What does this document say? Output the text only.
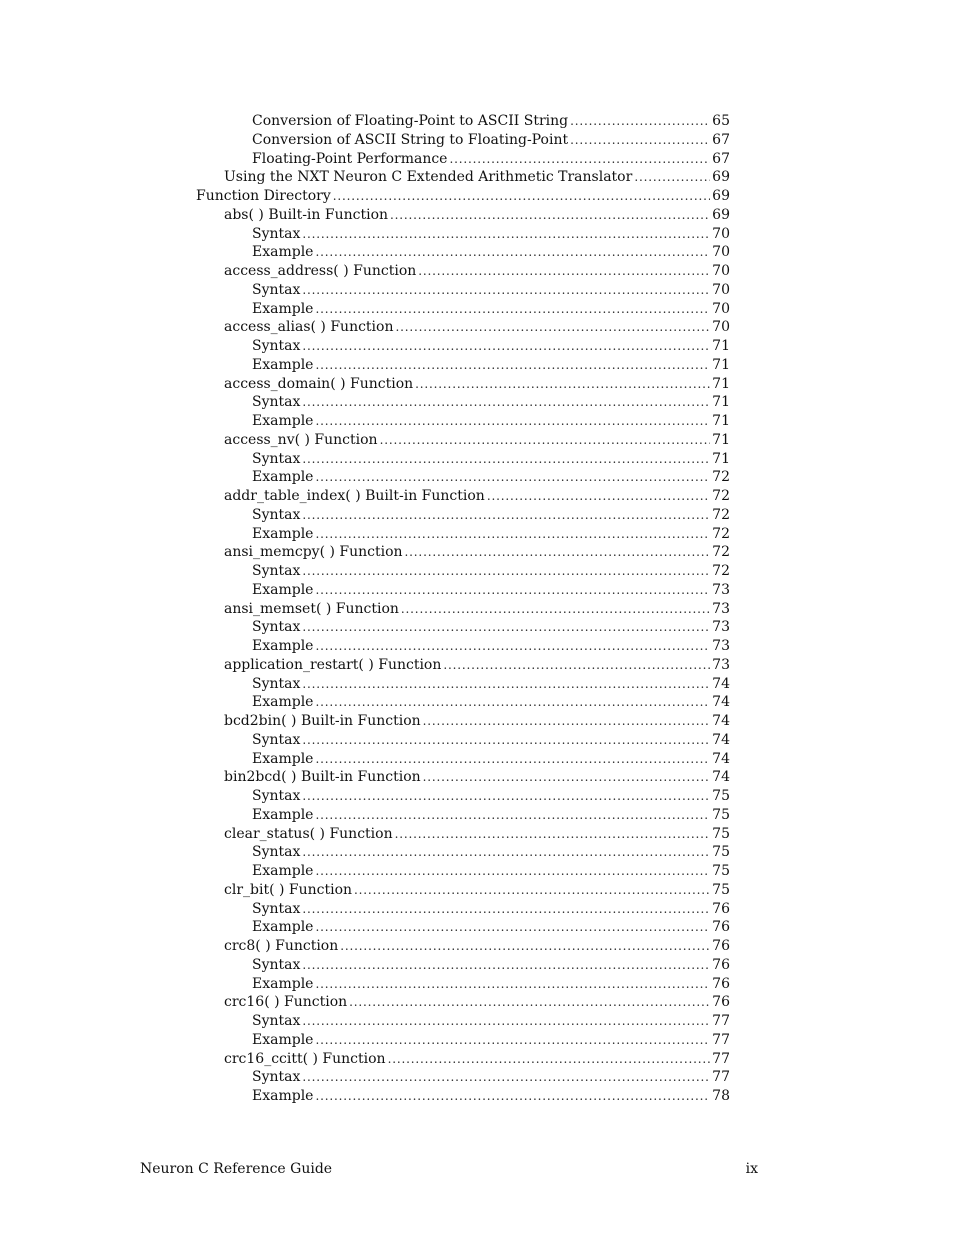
Conversion of Floating-Point to ASCII String . . .	65
Conversion of ASCII String to Floating-Point . . .	67
Floating-Point Performance . . .	67
Using the NXT Neuron C Extended Arithmetic Translator . . .	69
Function Directory . . .	69
abs( ) Built-in Function . . .	69
Syntax . . .	70
Example . . .	70
access_address( ) Function . . .	70
Syntax . . .	70
Example . . .	70
access_alias( ) Function . . .	70
Syntax . . .	71
Example . . .	71
access_domain( ) Function . . .	71
Syntax . . .	71
Example . . .	71
access_nv( ) Function . . .	71
Syntax . . .	71
Example . . .	72
addr_table_index( ) Built-in Function . . .	72
Syntax . . .	72
Example . . .	72
ansi_memcpy( ) Function . . .	72
Syntax . . .	72
Example . . .	73
ansi_memset( ) Function . . .	73
Syntax . . .	73
Example . . .	73
application_restart( ) Function . . .	73
Syntax . . .	74
Example . . .	74
bcd2bin( ) Built-in Function . . .	74
Syntax . . .	74
Example . . .	74
bin2bcd( ) Built-in Function . . .	74
Syntax . . .	75
Example . . .	75
clear_status( ) Function . . .	75
Syntax . . .	75
Example . . .	75
clr_bit( ) Function . . .	75
Syntax . . .	76
Example . . .	76
crc8( ) Function . . .	76
Syntax . . .	76
Example . . .	76
crc16( ) Function . . .	76
Syntax . . .	77
Example . . .	77
crc16_ccitt( ) Function . . .	77
Syntax . . .	77
Example . . .	78
Neuron C Reference Guide	ix
